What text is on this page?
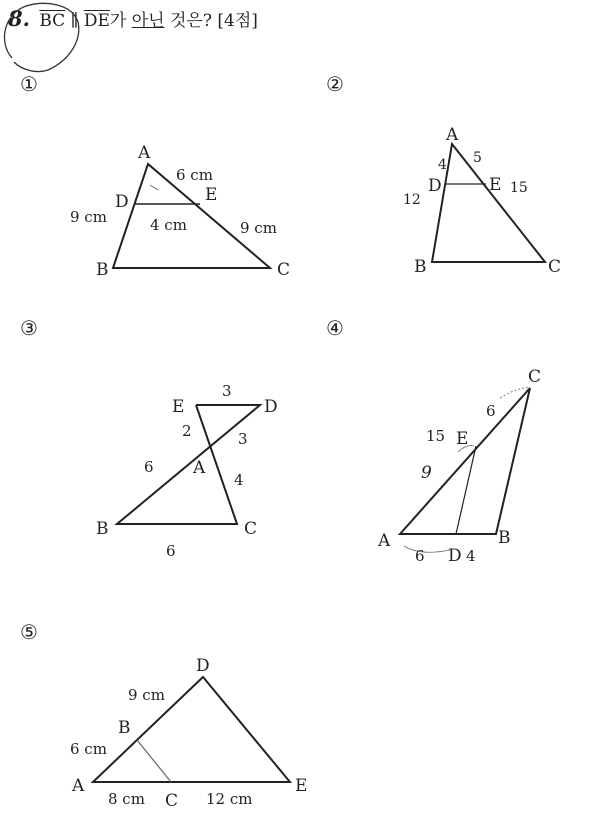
8. $\overline{BC}$ ∥ $\overline{DE}$가 아닌 것은? [4점]
①	②
③	④
⑤
A
B	C
D	E
6 cm
9 cm	4 cm	9 cm
A
B	C
D	E
4 5
12
15
E	D
A
B	C
3
2	3
6
4
6
C
E
A
D
B
15
6
9
6	4
D
B
A
C
E
9 cm
6 cm
8 cm	12 cm
